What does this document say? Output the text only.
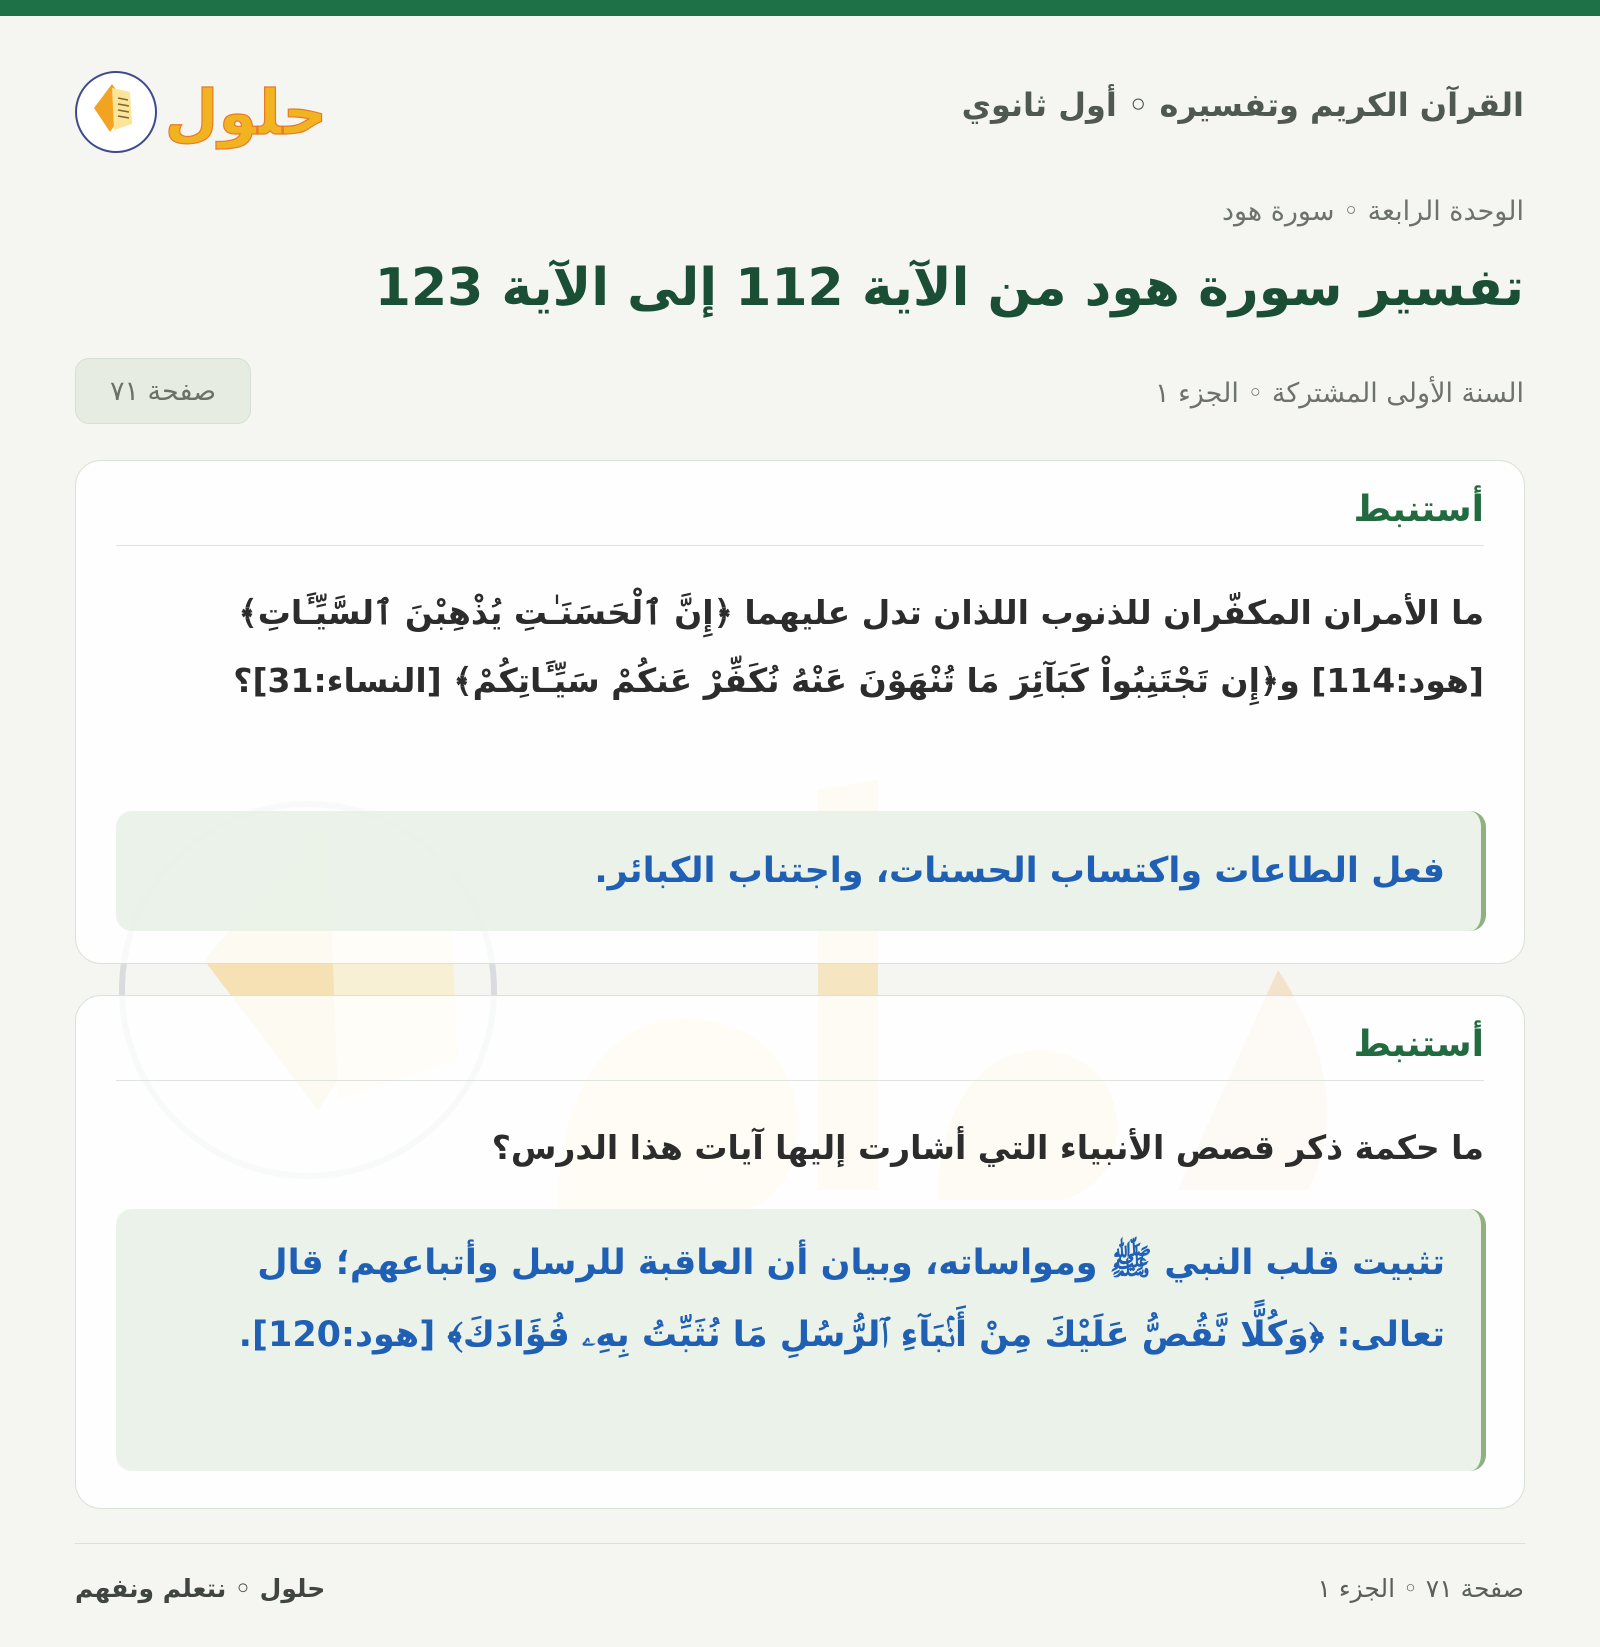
حلول	القرآن الكريم وتفسيره ◦ أول ثانوي
الوحدة الرابعة ◦ سورة هود
تفسير سورة هود من الآية 112 إلى الآية 123
السنة الأولى المشتركة ◦ الجزء ١
صفحة ٧١
أستنبط

ما الأمران المكفّران للذنوب اللذان تدل عليهما ﴿إِنَّ ٱلْحَسَنَـٰتِ يُذْهِبْنَ ٱلسَّيِّـَٔاتِ﴾ [هود:114] و﴿إِن تَجْتَنِبُواْ كَبَآئِرَ مَا تُنْهَوْنَ عَنْهُ نُكَفِّرْ عَنكُمْ سَيِّـَٔاتِكُمْ﴾ [النساء:31]؟

فعل الطاعات واكتساب الحسنات، واجتناب الكبائر.
أستنبط

ما حكمة ذكر قصص الأنبياء التي أشارت إليها آيات هذا الدرس؟

تثبيت قلب النبي ﷺ ومواساته، وبيان أن العاقبة للرسل وأتباعهم؛ قال تعالى: ﴿وَكُلًّا نَّقُصُّ عَلَيْكَ مِنْ أَنۢبَآءِ ٱلرُّسُلِ مَا نُثَبِّتُ بِهِۦ فُؤَادَكَ﴾ [هود:120].
صفحة ٧١ ◦ الجزء ١
حلول ◦ نتعلم ونفهم
